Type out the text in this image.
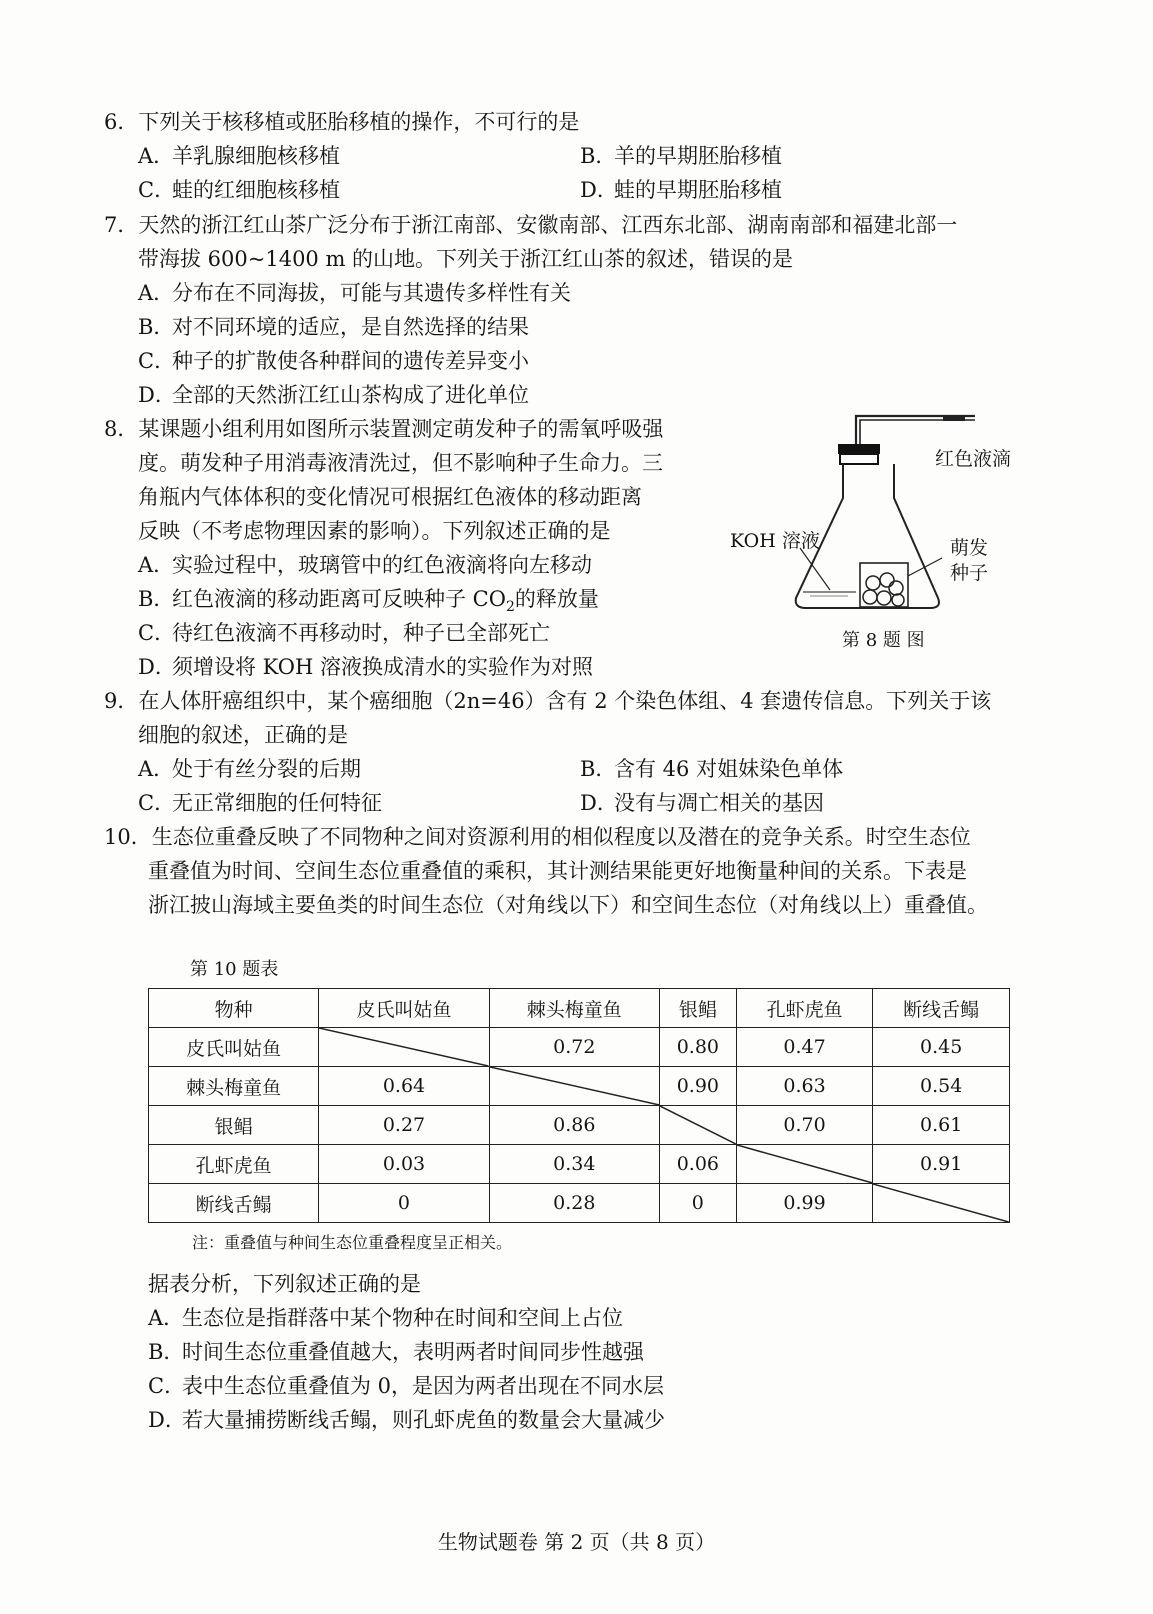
6．下列关于核移植或胚胎移植的操作，不可行的是
A．羊乳腺细胞核移植	B．羊的早期胚胎移植
C．蛙的红细胞核移植	D．蛙的早期胚胎移植
7．天然的浙江红山茶广泛分布于浙江南部、安徽南部、江西东北部、湖南南部和福建北部一
带海拔 600~1400 m 的山地。下列关于浙江红山茶的叙述，错误的是
A．分布在不同海拔，可能与其遗传多样性有关
B．对不同环境的适应，是自然选择的结果
C．种子的扩散使各种群间的遗传差异变小
D．全部的天然浙江红山茶构成了进化单位
8．某课题小组利用如图所示装置测定萌发种子的需氧呼吸强
度。萌发种子用消毒液清洗过，但不影响种子生命力。三
角瓶内气体体积的变化情况可根据红色液体的移动距离
反映（不考虑物理因素的影响）。下列叙述正确的是
A．实验过程中，玻璃管中的红色液滴将向左移动
B．红色液滴的移动距离可反映种子 $CO_2$的释放量
C．待红色液滴不再移动时，种子已全部死亡
D．须增设将 KOH 溶液换成清水的实验作为对照
红色液滴
KOH 溶液	萌发
种子
第 8 题 图
9．在人体肝癌组织中，某个癌细胞（2n=46）含有 2 个染色体组、4 套遗传信息。下列关于该
细胞的叙述，正确的是
A．处于有丝分裂的后期	B．含有 46 对姐妹染色单体
C．无正常细胞的任何特征	D．没有与凋亡相关的基因
10．生态位重叠反映了不同物种之间对资源利用的相似程度以及潜在的竞争关系。时空生态位
重叠值为时间、空间生态位重叠值的乘积，其计测结果能更好地衡量种间的关系。下表是
浙江披山海域主要鱼类的时间生态位（对角线以下）和空间生态位（对角线以上）重叠值。
第 10 题表
物种	皮氏叫姑鱼	棘头梅童鱼	银鲳	孔虾虎鱼	断线舌鳎
皮氏叫姑鱼		0.72	0.80	0.47	0.45
棘头梅童鱼	0.64		0.90	0.63	0.54
银鲳	0.27	0.86		0.70	0.61
孔虾虎鱼	0.03	0.34	0.06		0.91
断线舌鳎	0	0.28	0	0.99	
注：重叠值与种间生态位重叠程度呈正相关。
据表分析，下列叙述正确的是
A．生态位是指群落中某个物种在时间和空间上占位
B．时间生态位重叠值越大，表明两者时间同步性越强
C．表中生态位重叠值为 0，是因为两者出现在不同水层
D．若大量捕捞断线舌鳎，则孔虾虎鱼的数量会大量减少
生物试题卷 第 2 页（共 8 页）
